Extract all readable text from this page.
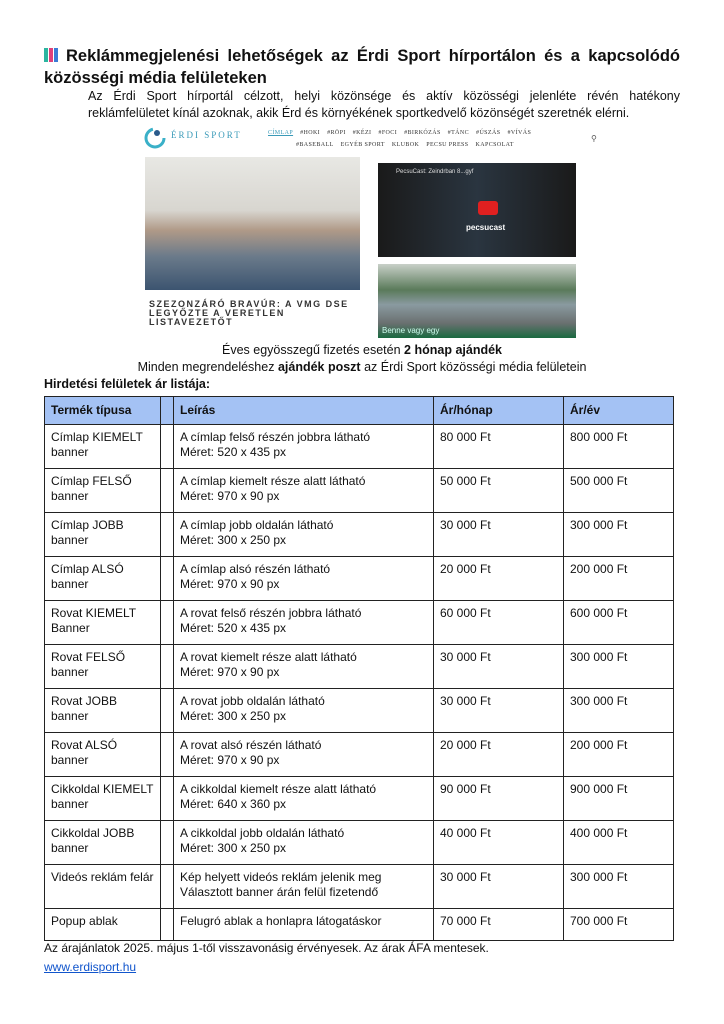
Reklámmegjelenési lehetőségek az Érdi Sport hírportálon és a kapcsolódó közösségi média felületeken
Az Érdi Sport hírportál célzott, helyi közönsége és aktív közösségi jelenléte révén hatékony
reklámfelületet kínál azoknak, akik Érd és környékének sportkedvelő közönségét szeretnék elérni.
ÉRDI SPORT	CÍMLAP #HOKI #RÖPI #KÉZI #FOCI #BIRKÓZÁS #TÁNC #ÚSZÁS #VÍVÁS
#BASEBALL EGYÉB SPORT KLUBOK PECSU PRESS KAPCSOLAT
⚲
SZEZONZÁRÓ BRAVÚR: A VMG DSE LEGYŐZTE A VERETLEN LISTAVEZETŐT
PecsuCast: Zeindrban 8...gyf
pecsucast
Benne vagy egy
Éves egyösszegű fizetés esetén 2 hónap ajándék
Minden megrendeléshez ajándék poszt az Érdi Sport közösségi média felületein
Hirdetési felületek ár listája:
Termék típusa		Leírás	Ár/hónap	Ár/év
Címlap KIEMELT banner		A címlap felső részén jobbra látható
Méret: 520 x 435 px	80 000 Ft	800 000 Ft
Címlap FELSŐ banner		A címlap kiemelt része alatt látható
Méret: 970 x 90 px	50 000 Ft	500 000 Ft
Címlap JOBB banner		A címlap jobb oldalán látható
Méret: 300 x 250 px	30 000 Ft	300 000 Ft
Címlap ALSÓ banner		A címlap alsó részén látható
Méret: 970 x 90 px	20 000 Ft	200 000 Ft
Rovat KIEMELT Banner		A rovat felső részén jobbra látható
Méret: 520 x 435 px	60 000 Ft	600 000 Ft
Rovat FELSŐ banner		A rovat kiemelt része alatt látható
Méret: 970 x 90 px	30 000 Ft	300 000 Ft
Rovat JOBB banner		A rovat jobb oldalán látható
Méret: 300 x 250 px	30 000 Ft	300 000 Ft
Rovat ALSÓ banner		A rovat alsó részén látható
Méret: 970 x 90 px	20 000 Ft	200 000 Ft
Cikkoldal KIEMELT banner		A cikkoldal kiemelt része alatt látható
Méret: 640 x 360 px	90 000 Ft	900 000 Ft
Cikkoldal JOBB banner		A cikkoldal jobb oldalán látható
Méret: 300 x 250 px	40 000 Ft	400 000 Ft
Videós reklám felár		Kép helyett videós reklám jelenik meg
Választott banner árán felül fizetendő	30 000 Ft	300 000 Ft
Popup ablak		Felugró ablak a honlapra látogatáskor	70 000 Ft	700 000 Ft
Az árajánlatok 2025. május 1-től visszavonásig érvényesek. Az árak ÁFA mentesek.
www.erdisport.hu
